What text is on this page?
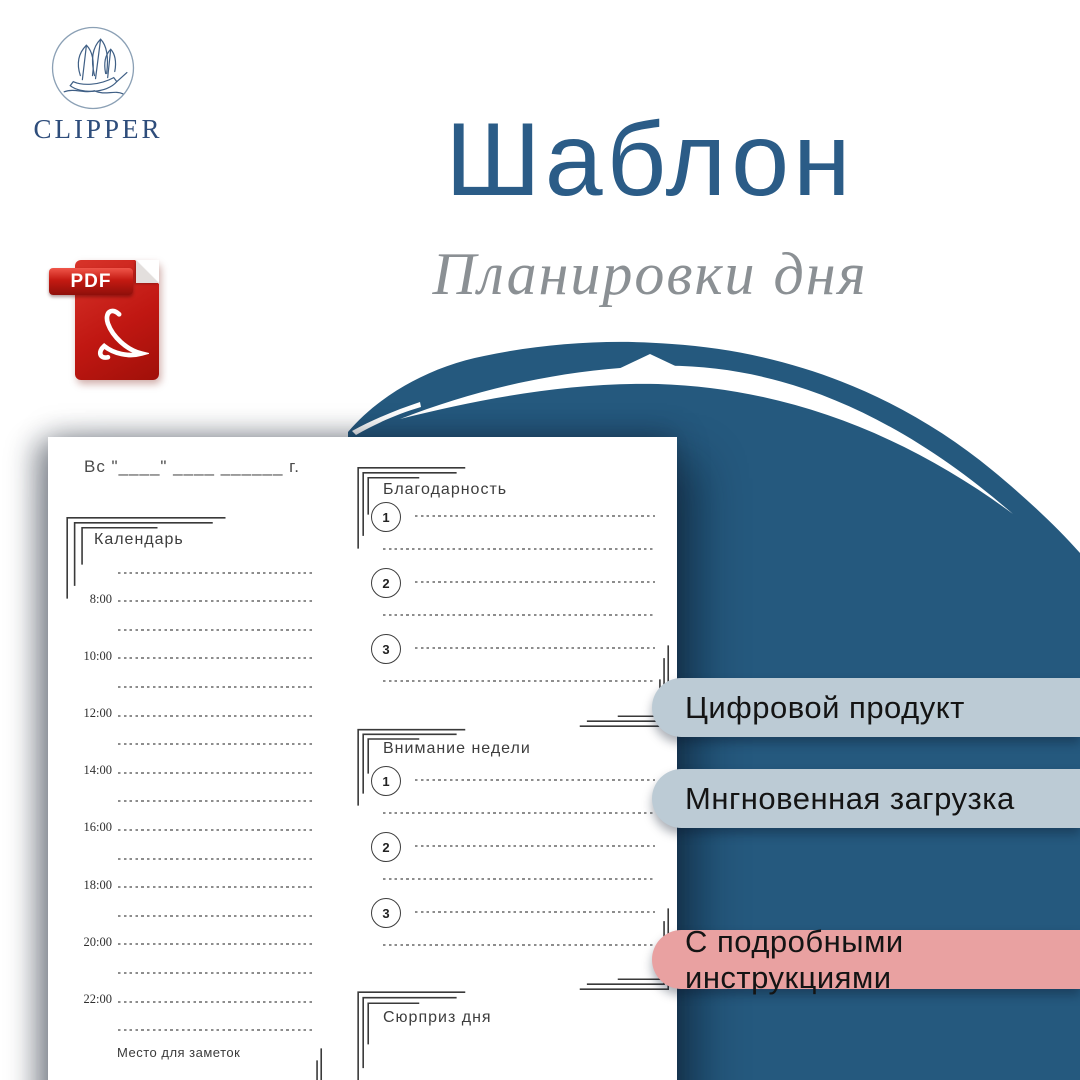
CLIPPER	Шаблон
Планировки дня
PDF
Вс "____" ____ ______ г.
Календарь
8:00
10:00
12:00
14:00
16:00
18:00
20:00
22:00
Место для заметок
Благодарность
1
2
3
Внимание недели
1
2
3
Сюрприз дня
Цифровой продукт
Мнгновенная загрузка
С подробными инструкциями
